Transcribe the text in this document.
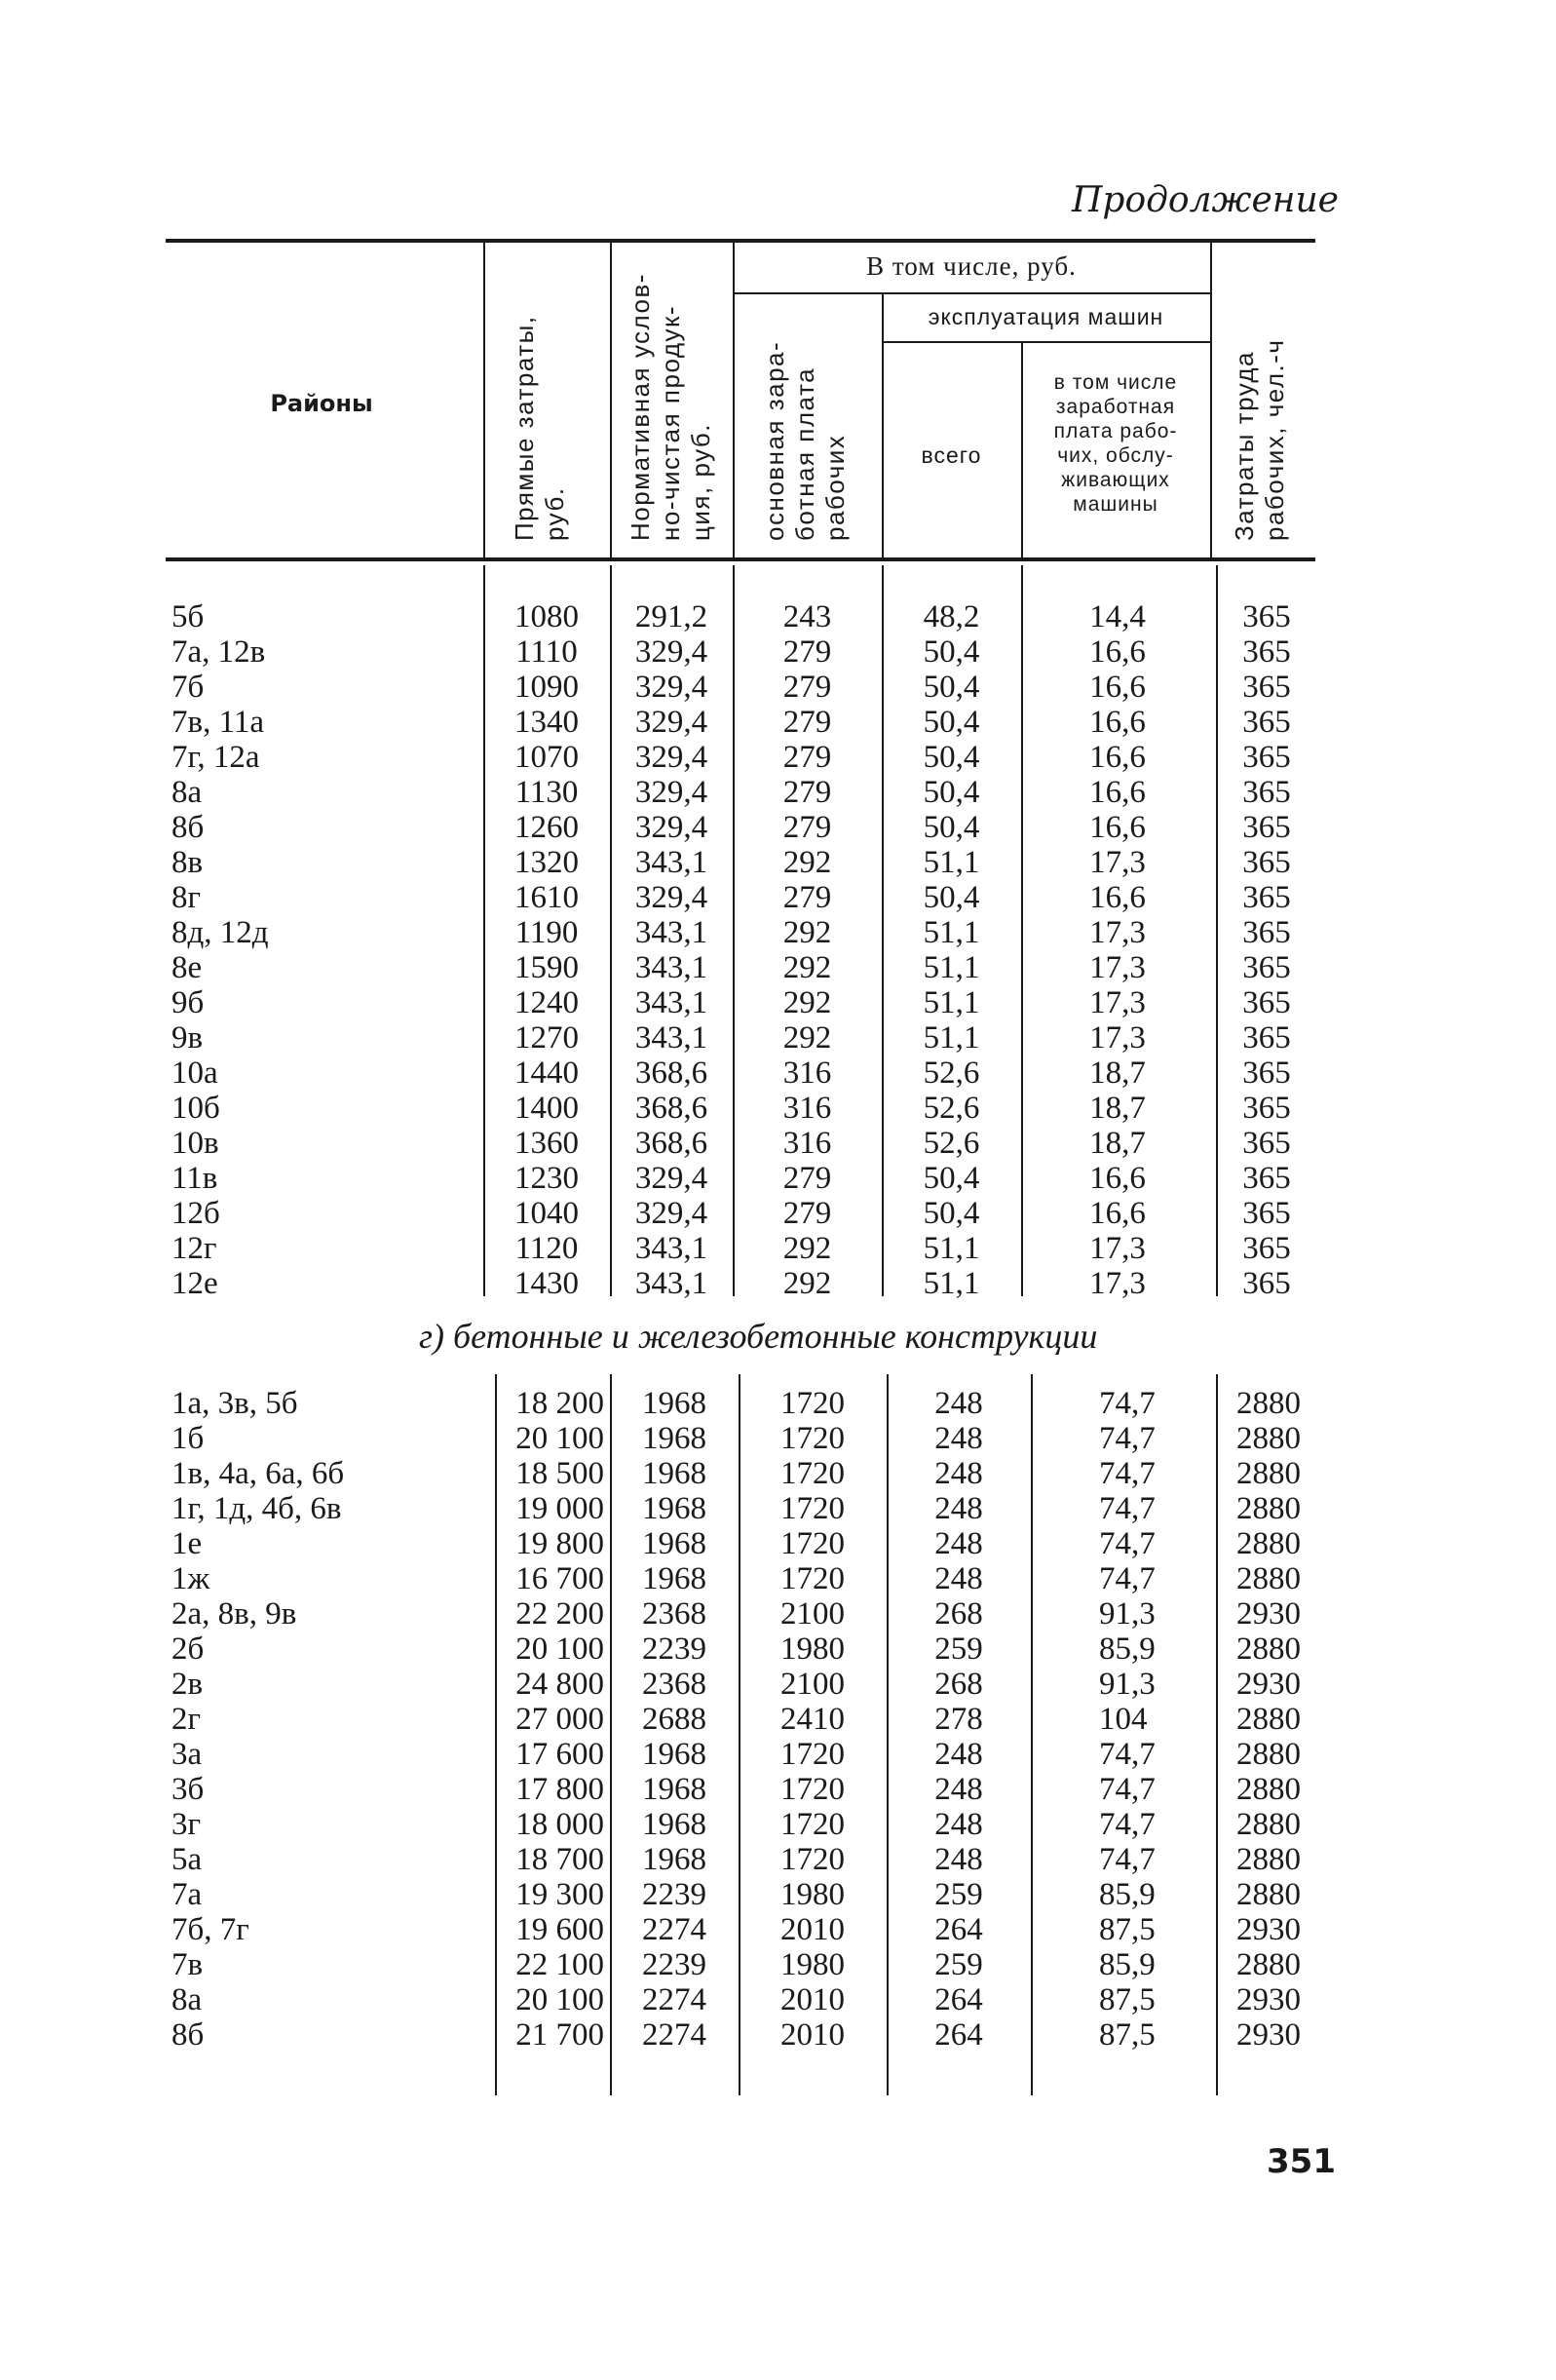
Продолжение
Районы
Прямые затраты,
руб. Нормативная услов-
но-чистая продук-
ция, руб.
В том числе, руб.
основная зара-
ботная плата
рабочих
эксплуатация машин
всего
в том числе
заработная
плата рабо-
чих, обслу-
живающих
машины	Затраты труда
рабочих, чел.-ч
5б
7а, 12в
7б
7в, 11а
7г, 12а
8а
8б
8в
8г
8д, 12д
8е
9б
9в
10а
10б
10в
11в
12б
12г
12е
1080
1110
1090
1340
1070
1130
1260
1320
1610
1190
1590
1240
1270
1440
1400
1360
1230
1040
1120
1430
291,2
329,4
329,4
329,4
329,4
329,4
329,4
343,1
329,4
343,1
343,1
343,1
343,1
368,6
368,6
368,6
329,4
329,4
343,1
343,1
243
279
279
279
279
279
279
292
279
292
292
292
292
316
316
316
279
279
292
292
48,2
50,4
50,4
50,4
50,4
50,4
50,4
51,1
50,4
51,1
51,1
51,1
51,1
52,6
52,6
52,6
50,4
50,4
51,1
51,1
14,4
16,6
16,6
16,6
16,6
16,6
16,6
17,3
16,6
17,3
17,3
17,3
17,3
18,7
18,7
18,7
16,6
16,6
17,3
17,3
365
365
365
365
365
365
365
365
365
365
365
365
365
365
365
365
365
365
365
365
г) бетонные и железобетонные конструкции
1а, 3в, 5б
1б
1в, 4а, 6а, 6б
1г, 1д, 4б, 6в
1е
1ж
2а, 8в, 9в
2б
2в
2г
3а
3б
3г
5а
7а
7б, 7г
7в
8а
8б
18 200
20 100
18 500
19 000
19 800
16 700
22 200
20 100
24 800
27 000
17 600
17 800
18 000
18 700
19 300
19 600
22 100
20 100
21 700
1968
1968
1968
1968
1968
1968
2368
2239
2368
2688
1968
1968
1968
1968
2239
2274
2239
2274
2274
1720
1720
1720
1720
1720
1720
2100
1980
2100
2410
1720
1720
1720
1720
1980
2010
1980
2010
2010
248
248
248
248
248
248
268
259
268
278
248
248
248
248
259
264
259
264
264
74,7
74,7
74,7
74,7
74,7
74,7
91,3
85,9
91,3
104
74,7
74,7
74,7
74,7
85,9
87,5
85,9
87,5
87,5
2880
2880
2880
2880
2880
2880
2930
2880
2930
2880
2880
2880
2880
2880
2880
2930
2880
2930
2930
351
